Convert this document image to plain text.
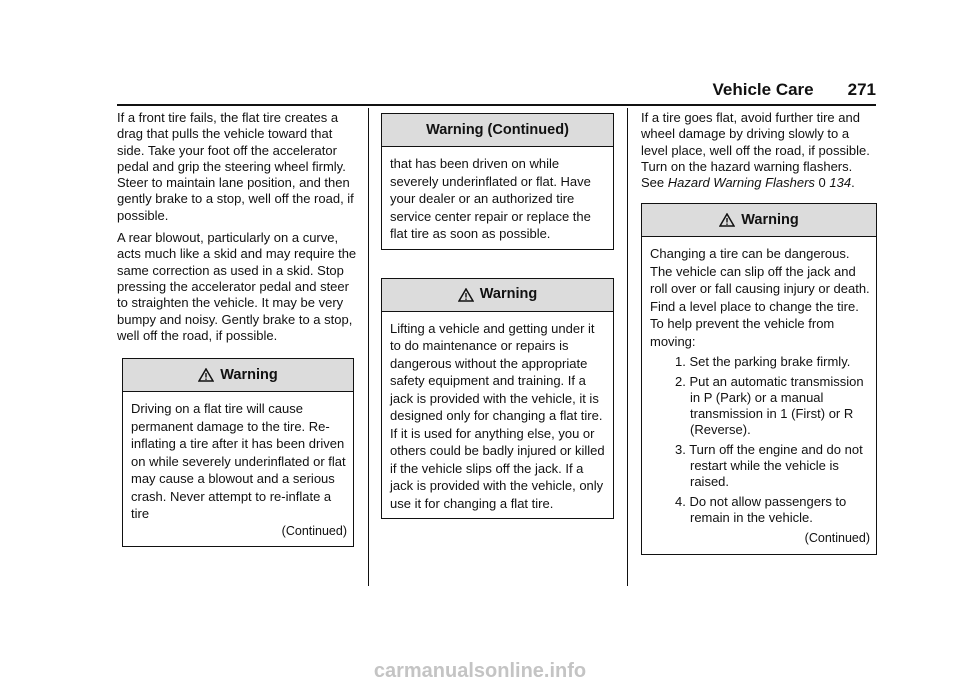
Vehicle Care 271

If a front tire fails, the flat tire creates a drag that pulls the vehicle toward that side. Take your foot off the accelerator pedal and grip the steering wheel firmly. Steer to maintain lane position, and then gently brake to a stop, well off the road, if possible.

A rear blowout, particularly on a curve, acts much like a skid and may require the same correction as used in a skid. Stop pressing the accelerator pedal and steer to straighten the vehicle. It may be very bumpy and noisy. Gently brake to a stop, well off the road, if possible.

Warning
Driving on a flat tire will cause permanent damage to the tire. Re-inflating a tire after it has been driven on while severely underinflated or flat may cause a blowout and a serious crash. Never attempt to re-inflate a tire
(Continued)
Warning (Continued)
that has been driven on while severely underinflated or flat. Have your dealer or an authorized tire service center repair or replace the flat tire as soon as possible.
Warning
Lifting a vehicle and getting under it to do maintenance or repairs is dangerous without the appropriate safety equipment and training. If a jack is provided with the vehicle, it is designed only for changing a flat tire. If it is used for anything else, you or others could be badly injured or killed if the vehicle slips off the jack. If a jack is provided with the vehicle, only use it for changing a flat tire.

If a tire goes flat, avoid further tire and wheel damage by driving slowly to a level place, well off the road, if possible. Turn on the hazard warning flashers. See Hazard Warning Flashers 0 134.

Warning
Changing a tire can be dangerous. The vehicle can slip off the jack and roll over or fall causing injury or death. Find a level place to change the tire. To help prevent the vehicle from moving:
1. Set the parking brake firmly.
2. Put an automatic transmission in P (Park) or a manual transmission in 1 (First) or R (Reverse).
3. Turn off the engine and do not restart while the vehicle is raised.
4. Do not allow passengers to remain in the vehicle.
(Continued)
carmanualsonline.info
